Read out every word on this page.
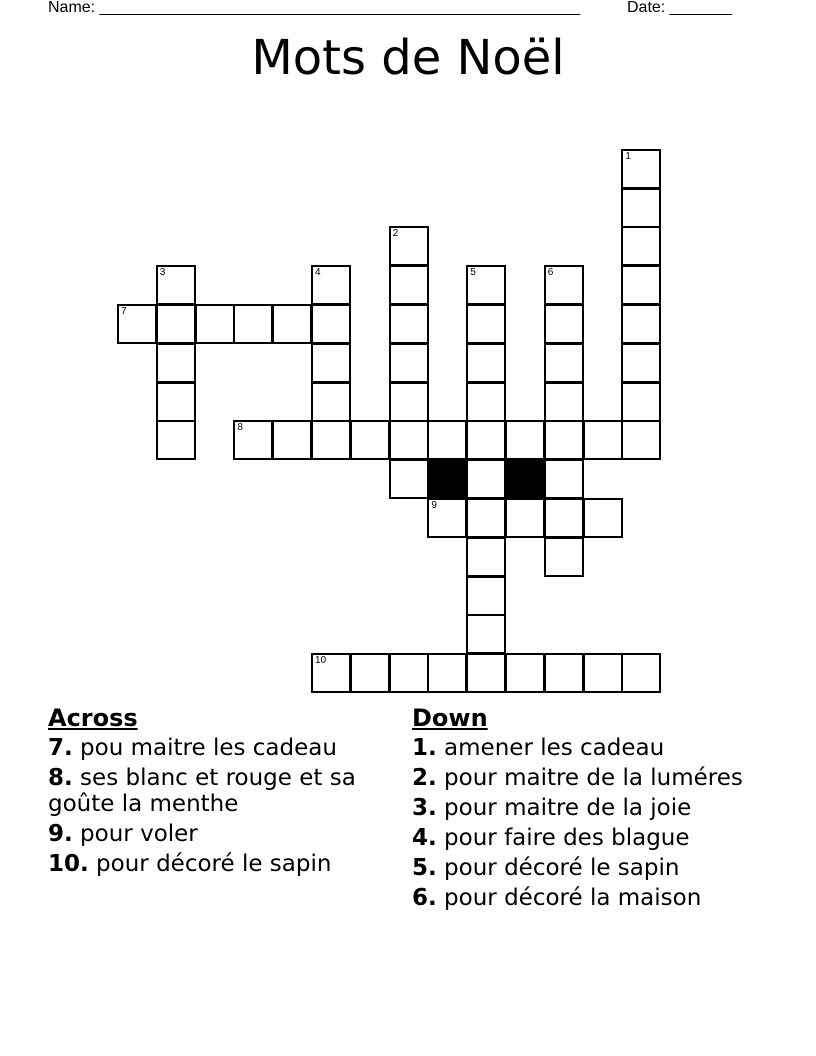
Name: ______________________________________________________	Date: _______
Mots de Noël
1
2
3	4	5	6
7
8
9
10
Across
7. pou maitre les cadeau
8. ses blanc et rouge et sa goûte la menthe
9. pour voler
10. pour décoré le sapin
Down
1. amener les cadeau
2. pour maitre de la luméres
3. pour maitre de la joie
4. pour faire des blague
5. pour décoré le sapin
6. pour décoré la maison
